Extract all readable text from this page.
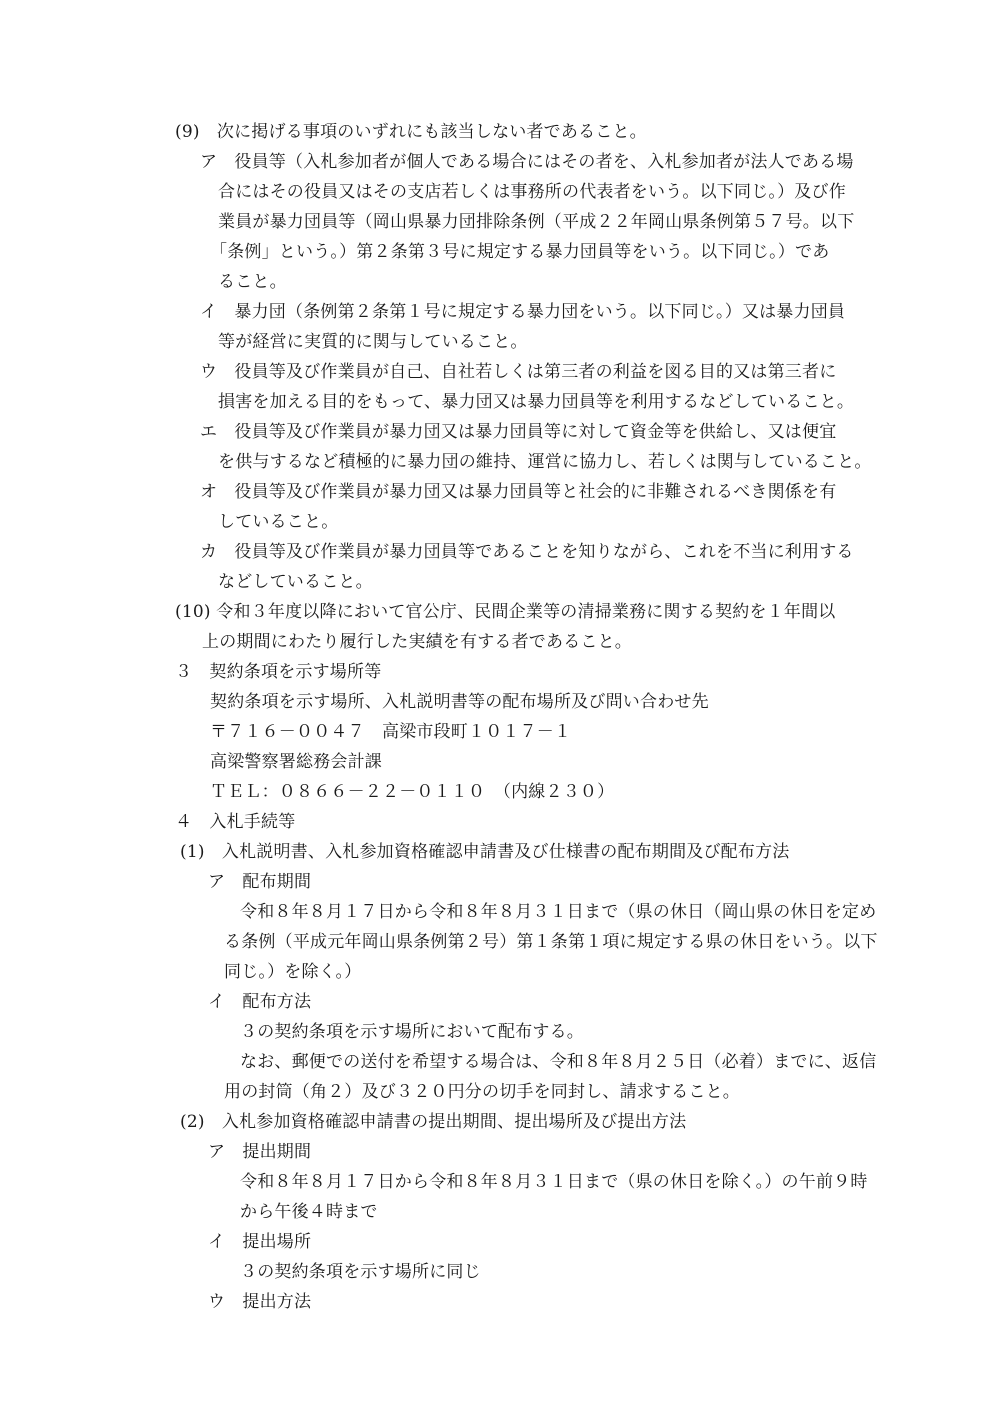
(9)　次に掲げる事項のいずれにも該当しない者であること。
ア　役員等（入札参加者が個人である場合にはその者を、入札参加者が法人である場
合にはその役員又はその支店若しくは事務所の代表者をいう。以下同じ。）及び作
業員が暴力団員等（岡山県暴力団排除条例（平成２２年岡山県条例第５７号。以下
「条例」という。）第２条第３号に規定する暴力団員等をいう。以下同じ。）であ
ること。
イ　暴力団（条例第２条第１号に規定する暴力団をいう。以下同じ。）又は暴力団員
等が経営に実質的に関与していること。
ウ　役員等及び作業員が自己、自社若しくは第三者の利益を図る目的又は第三者に
損害を加える目的をもって、暴力団又は暴力団員等を利用するなどしていること。
エ　役員等及び作業員が暴力団又は暴力団員等に対して資金等を供給し、又は便宜
を供与するなど積極的に暴力団の維持、運営に協力し、若しくは関与していること。
オ　役員等及び作業員が暴力団又は暴力団員等と社会的に非難されるべき関係を有
していること。
カ　役員等及び作業員が暴力団員等であることを知りながら、これを不当に利用する
などしていること。
(10) 令和３年度以降において官公庁、民間企業等の清掃業務に関する契約を１年間以
上の期間にわたり履行した実績を有する者であること。
３　契約条項を示す場所等
契約条項を示す場所、入札説明書等の配布場所及び問い合わせ先
〒７１６－００４７　高梁市段町１０１７－１
高梁警察署総務会計課
ＴＥＬ：０８６６－２２－０１１０　（内線２３０）
４　入札手続等
(1)　入札説明書、入札参加資格確認申請書及び仕様書の配布期間及び配布方法
ア　配布期間
令和８年８月１７日から令和８年８月３１日まで（県の休日（岡山県の休日を定め
る条例（平成元年岡山県条例第２号）第１条第１項に規定する県の休日をいう。以下
同じ。）を除く。）
イ　配布方法
３の契約条項を示す場所において配布する。
なお、郵便での送付を希望する場合は、令和８年８月２５日（必着）までに、返信
用の封筒（角２）及び３２０円分の切手を同封し、請求すること。
(2)　入札参加資格確認申請書の提出期間、提出場所及び提出方法
ア　提出期間
令和８年８月１７日から令和８年８月３１日まで（県の休日を除く。）の午前９時
から午後４時まで
イ　提出場所
３の契約条項を示す場所に同じ
ウ　提出方法
